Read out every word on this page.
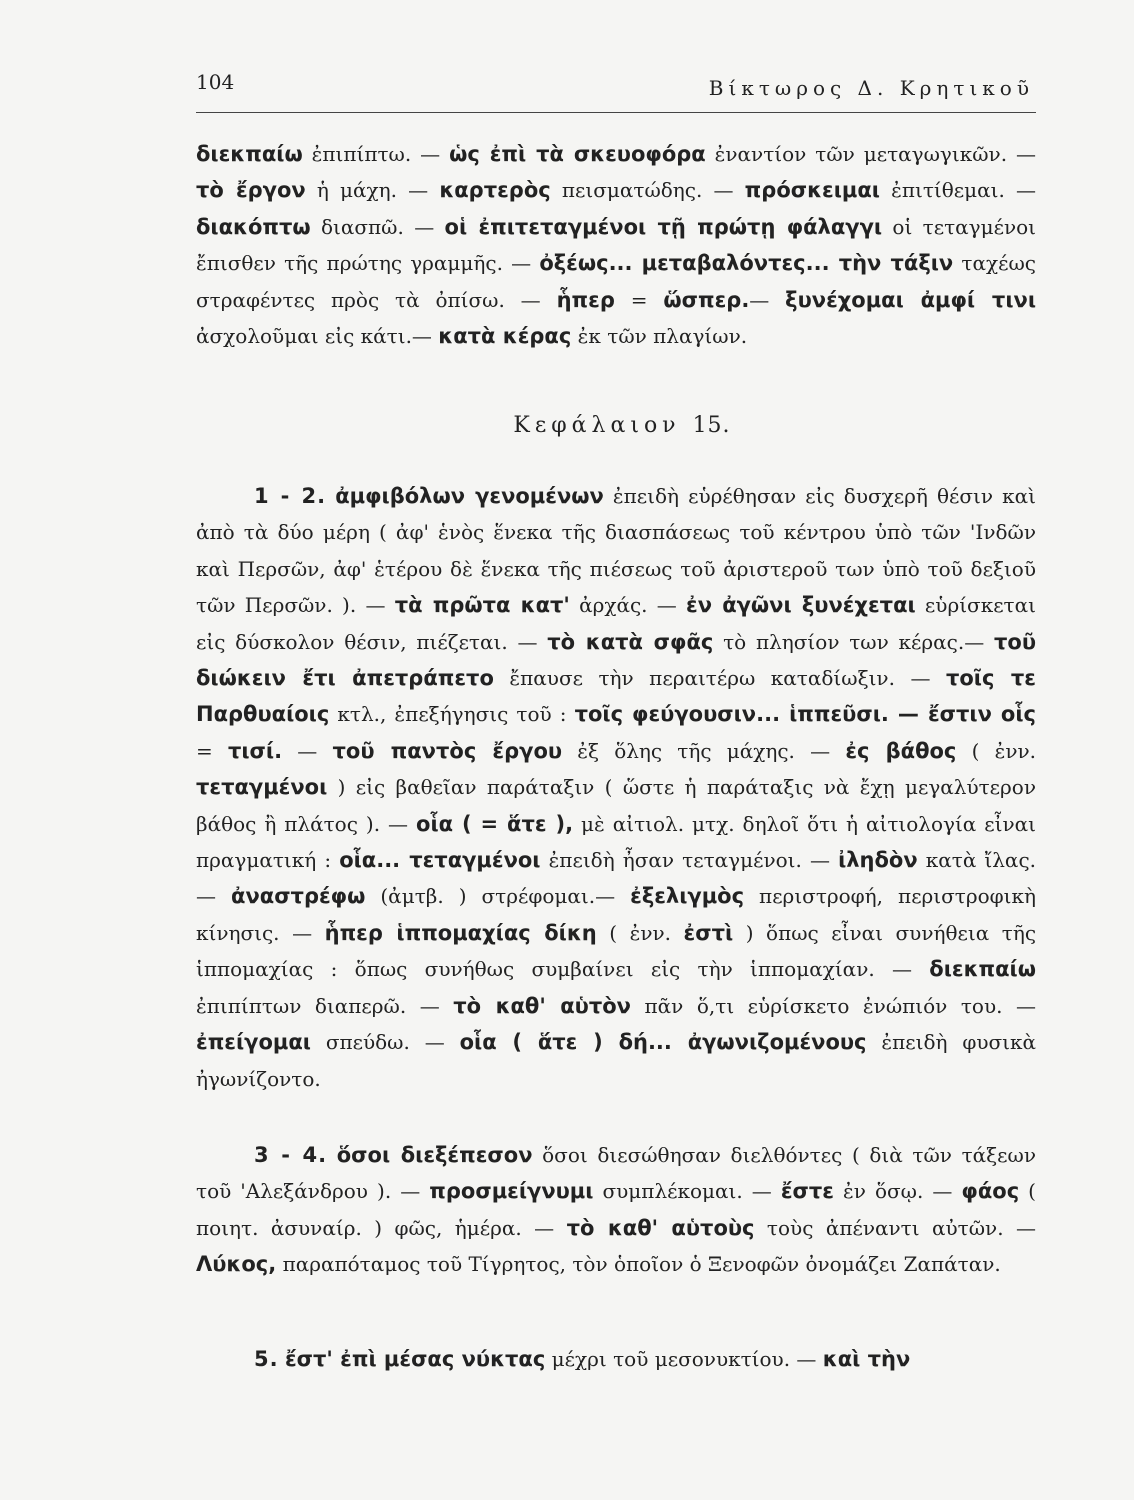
104	Βίκτωρος Δ. Κρητικοῦ

διεκπαίω ἐπιπίπτω. — ὡς ἐπὶ τὰ σκευοφόρα ἐναντίον τῶν μεταγωγικῶν. — τὸ ἔργον ἡ μάχη. — καρτερὸς πεισματώδης. — πρόσκειμαι ἐπιτίθεμαι. — διακόπτω διασπῶ. — οἱ ἐπιτεταγμένοι τῇ πρώτῃ φάλαγγι οἱ τεταγμένοι ἔπισθεν τῆς πρώτης γραμμῆς. — ὀξέως... μεταβαλόντες... τὴν τάξιν ταχέως στραφέντες πρὸς τὰ ὀπίσω. — ἧπερ = ὥσπερ.— ξυνέχομαι ἀμφί τινι ἀσχολοῦμαι εἰς κάτι.— κατὰ κέρας ἐκ τῶν πλαγίων.

Κεφάλαιον 15.

1 - 2. ἀμφιβόλων γενομένων ἐπειδὴ εὑρέθησαν εἰς δυσχερῆ θέσιν καὶ ἀπὸ τὰ δύο μέρη ( ἀφ' ἑνὸς ἕνεκα τῆς διασπάσεως τοῦ κέντρου ὑπὸ τῶν 'Ινδῶν καὶ Περσῶν, ἀφ' ἑτέρου δὲ ἕνεκα τῆς πιέσεως τοῦ ἀριστεροῦ των ὑπὸ τοῦ δεξιοῦ τῶν Περσῶν. ). — τὰ πρῶτα κατ' ἀρχάς. — ἐν ἀγῶνι ξυνέχεται εὑρίσκεται εἰς δύσκολον θέσιν, πιέζεται. — τὸ κατὰ σφᾶς τὸ πλησίον των κέρας.— τοῦ διώκειν ἔτι ἀπετράπετο ἔπαυσε τὴν περαιτέρω καταδίωξιν. — τοῖς τε Παρθυαίοις κτλ., ἐπεξήγησις τοῦ : τοῖς φεύγουσιν... ἱππεῦσι. — ἔστιν οἷς = τισί. — τοῦ παντὸς ἔργου ἐξ ὅλης τῆς μάχης. — ἐς βάθος ( ἐνν. τεταγμένοι ) εἰς βαθεῖαν παράταξιν ( ὥστε ἡ παράταξις νὰ ἔχῃ μεγαλύτερον βάθος ἢ πλάτος ). — οἷα ( = ἅτε ), μὲ αἰτιολ. μτχ. δηλοῖ ὅτι ἡ αἰτιολογία εἶναι πραγματική : οἷα... τεταγμένοι ἐπειδὴ ἦσαν τεταγμένοι. — ἰληδὸν κατὰ ἴλας.— ἀναστρέφω (ἀμτβ. ) στρέφομαι.— ἐξελιγμὸς περιστροφή, περιστροφικὴ κίνησις. — ἧπερ ἱππομαχίας δίκη ( ἐνν. ἐστὶ ) ὅπως εἶναι συνήθεια τῆς ἱππομαχίας : ὅπως συνήθως συμβαίνει εἰς τὴν ἱππομαχίαν. — διεκπαίω ἐπιπίπτων διαπερῶ. — τὸ καθ' αὑτὸν πᾶν ὅ,τι εὑρίσκετο ἐνώπιόν του. — ἐπείγομαι σπεύδω. — οἷα ( ἅτε ) δή... ἀγωνιζομένους ἐπειδὴ φυσικὰ ἠγωνίζοντο.

3 - 4. ὅσοι διεξέπεσον ὅσοι διεσώθησαν διελθόντες ( διὰ τῶν τάξεων τοῦ 'Αλεξάνδρου ). — προσμείγνυμι συμπλέκομαι. — ἔστε ἐν ὅσῳ. — φάος ( ποιητ. ἀσυναίρ. ) φῶς, ἡμέρα. — τὸ καθ' αὑτοὺς τοὺς ἀπέναντι αὐτῶν. — Λύκος, παραπόταμος τοῦ Τίγρητος, τὸν ὁποῖον ὁ Ξενοφῶν ὀνομάζει Ζαπάταν.

5. ἔστ' ἐπὶ μέσας νύκτας μέχρι τοῦ μεσονυκτίου. — καὶ τὴν
